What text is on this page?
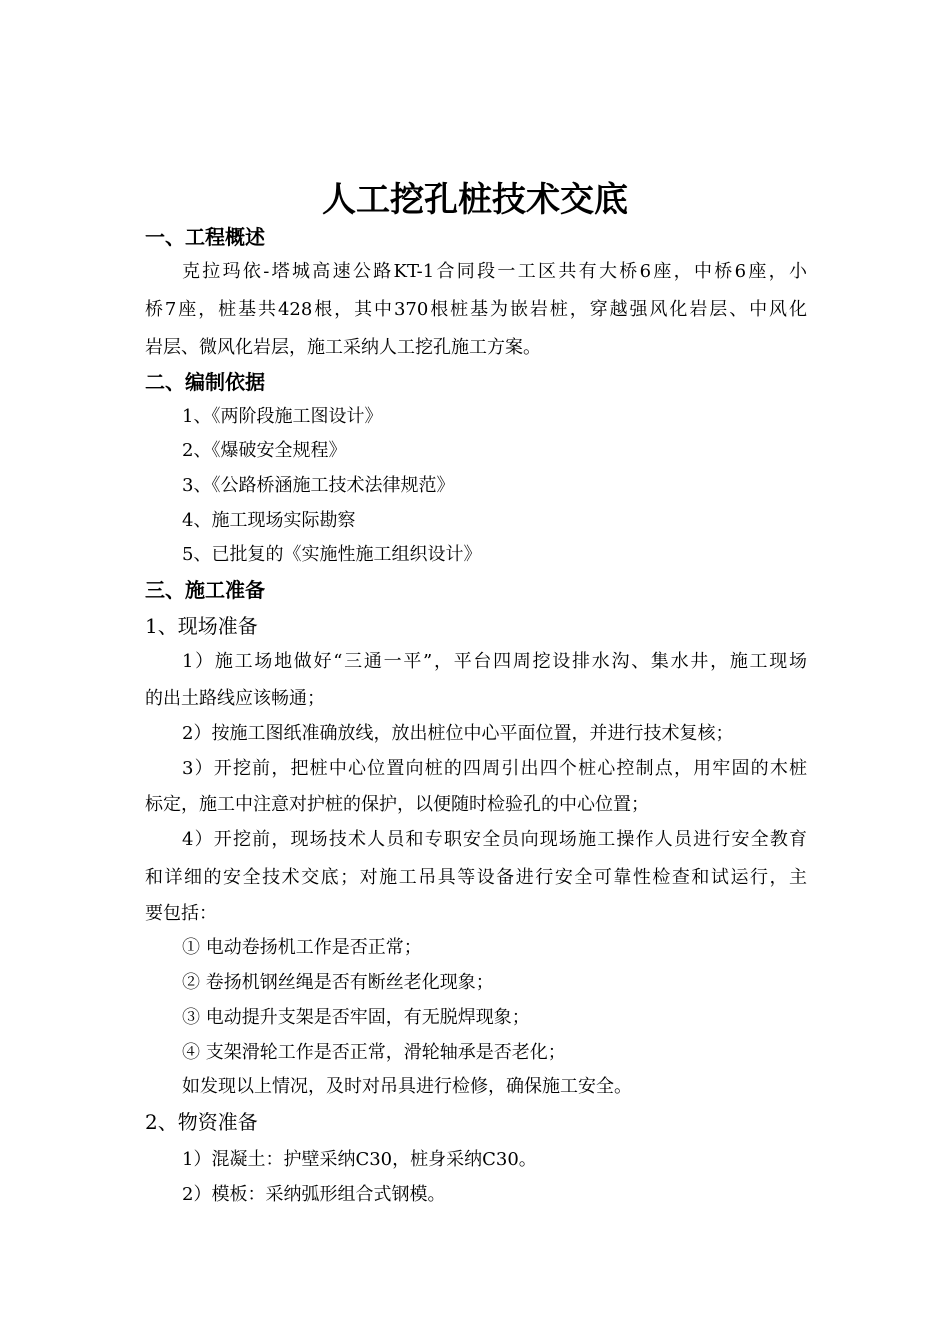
人工挖孔桩技术交底
一、工程概述
克拉玛依-塔城高速公路KT-1合同段一工区共有大桥6座，中桥6座，小
桥7座，桩基共428根，其中370根桩基为嵌岩桩，穿越强风化岩层、中风化
岩层、微风化岩层，施工采纳人工挖孔施工方案。
二、编制依据
1、《两阶段施工图设计》
2、《爆破安全规程》
3、《公路桥涵施工技术法律规范》
4、施工现场实际勘察
5、已批复的《实施性施工组织设计》
三、施工准备
1、现场准备
1）施工场地做好“三通一平”，平台四周挖设排水沟、集水井，施工现场
的出土路线应该畅通；
2）按施工图纸准确放线，放出桩位中心平面位置，并进行技术复核；
3）开挖前，把桩中心位置向桩的四周引出四个桩心控制点，用牢固的木桩
标定，施工中注意对护桩的保护，以便随时检验孔的中心位置；
4）开挖前，现场技术人员和专职安全员向现场施工操作人员进行安全教育
和详细的安全技术交底；对施工吊具等设备进行安全可靠性检查和试运行，主
要包括：
① 电动卷扬机工作是否正常；
② 卷扬机钢丝绳是否有断丝老化现象；
③ 电动提升支架是否牢固，有无脱焊现象；
④ 支架滑轮工作是否正常，滑轮轴承是否老化；
如发现以上情况，及时对吊具进行检修，确保施工安全。
2、物资准备
1）混凝土：护壁采纳C30，桩身采纳C30。
2）模板：采纳弧形组合式钢模。
